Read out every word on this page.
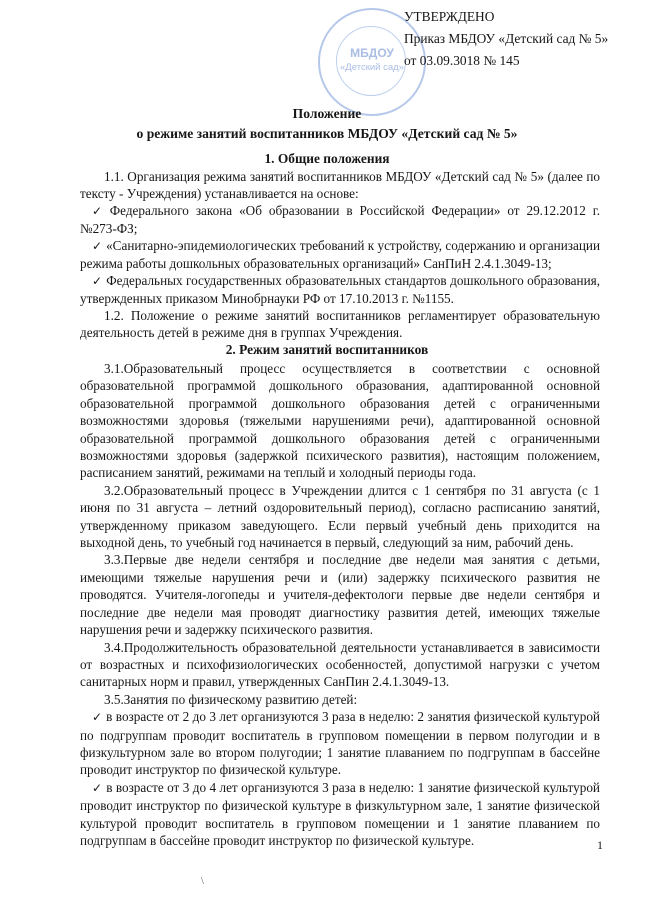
МБДОУ
«Детский сад»
УТВЕРЖДЕНО
Приказ МБДОУ «Детский сад № 5»
от 03.09.3018 № 145
Положение
о режиме занятий воспитанников МБДОУ «Детский сад № 5»
1. Общие положения

1.1. Организация режима занятий воспитанников МБДОУ «Детский сад № 5» (далее по тексту - Учреждения) устанавливается на основе:

✓ Федерального закона «Об образовании в Российской Федерации» от 29.12.2012 г. №273-ФЗ;

✓ «Санитарно-эпидемиологических требований к устройству, содержанию и организации режима работы дошкольных образовательных организаций» СанПиН 2.4.1.3049-13;

✓ Федеральных государственных образовательных стандартов дошкольного образования, утвержденных приказом Минобрнауки РФ от 17.10.2013 г. №1155.

1.2. Положение о режиме занятий воспитанников регламентирует образовательную деятельность детей в режиме дня в группах Учреждения.

2. Режим занятий воспитанников

3.1.Образовательный процесс осуществляется в соответствии с основной образовательной программой дошкольного образования, адаптированной основной образовательной программой дошкольного образования детей с ограниченными возможностями здоровья (тяжелыми нарушениями речи), адаптированной основной образовательной программой дошкольного образования детей с ограниченными возможностями здоровья (задержкой психического развития), настоящим положением, расписанием занятий, режимами на теплый и холодный периоды года.

3.2.Образовательный процесс в Учреждении длится с 1 сентября по 31 августа (с 1 июня по 31 августа – летний оздоровительный период), согласно расписанию занятий, утвержденному приказом заведующего. Если первый учебный день приходится на выходной день, то учебный год начинается в первый, следующий за ним, рабочий день.

3.3.Первые две недели сентября и последние две недели мая занятия с детьми, имеющими тяжелые нарушения речи и (или) задержку психического развития не проводятся. Учителя-логопеды и учителя-дефектологи первые две недели сентября и последние две недели мая проводят диагностику развития детей, имеющих тяжелые нарушения речи и задержку психического развития.

3.4.Продолжительность образовательной деятельности устанавливается в зависимости от возрастных и психофизиологических особенностей, допустимой нагрузки с учетом санитарных норм и правил, утвержденных СанПин 2.4.1.3049-13.

3.5.Занятия по физическому развитию детей:

✓ в возрасте от 2 до 3 лет организуются 3 раза в неделю: 2 занятия физической культурой по подгруппам проводит воспитатель в групповом помещении в первом полугодии и в физкультурном зале во втором полугодии; 1 занятие плаванием по подгруппам в бассейне проводит инструктор по физической культуре.

✓ в возрасте от 3 до 4 лет организуются 3 раза в неделю: 1 занятие физической культурой проводит инструктор по физической культуре в физкультурном зале, 1 занятие физической культурой проводит воспитатель в групповом помещении и 1 занятие плаванием по подгруппам в бассейне проводит инструктор по физической культуре.	1
\
